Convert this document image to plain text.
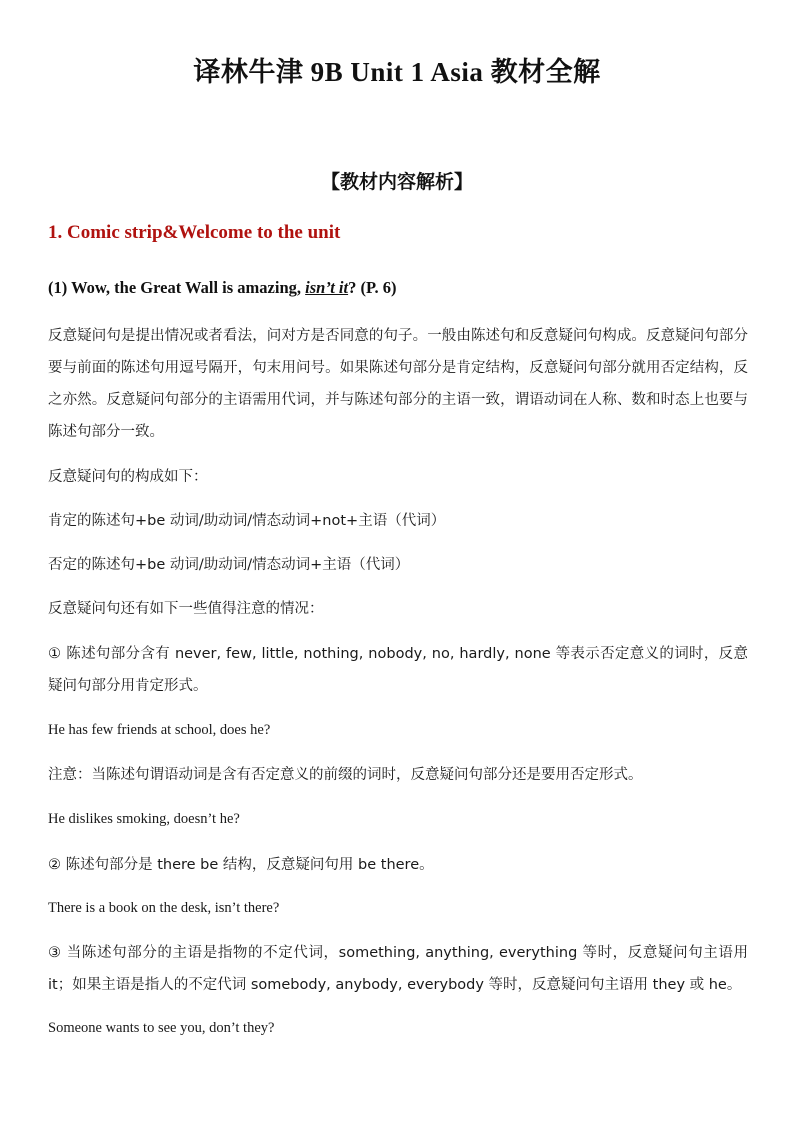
译林牛津 9B Unit 1 Asia 教材全解
【教材内容解析】
1. Comic strip&Welcome to the unit
(1) Wow, the Great Wall is amazing, isn’t it? (P. 6)
反意疑问句是提出情况或者看法，问对方是否同意的句子。一般由陈述句和反意疑问句构成。反意疑问句部分要与前面的陈述句用逗号隔开，句末用问号。如果陈述句部分是肯定结构，反意疑问句部分就用否定结构，反之亦然。反意疑问句部分的主语需用代词，并与陈述句部分的主语一致，谓语动词在人称、数和时态上也要与陈述句部分一致。
反意疑问句的构成如下：
肯定的陈述句+be 动词/助动词/情态动词+not+主语（代词）
否定的陈述句+be 动词/助动词/情态动词+主语（代词）
反意疑问句还有如下一些值得注意的情况：
① 陈述句部分含有 never, few, little, nothing, nobody, no, hardly, none 等表示否定意义的词时，反意疑问句部分用肯定形式。
He has few friends at school, does he?
注意：当陈述句谓语动词是含有否定意义的前缀的词时，反意疑问句部分还是要用否定形式。
He dislikes smoking, doesn’t he?
② 陈述句部分是 there be 结构，反意疑问句用 be there。
There is a book on the desk, isn’t there?
③ 当陈述句部分的主语是指物的不定代词，something, anything, everything 等时，反意疑问句主语用 it；如果主语是指人的不定代词 somebody, anybody, everybody 等时，反意疑问句主语用 they 或 he。
Someone wants to see you, don’t they?
